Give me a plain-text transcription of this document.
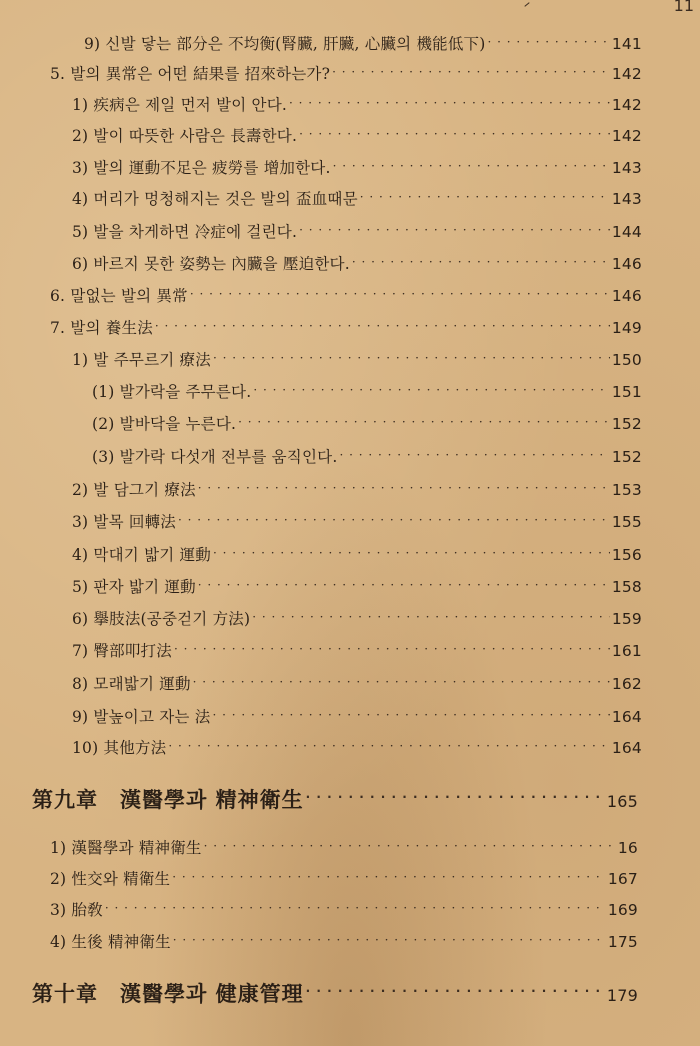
11
9) 신발 닿는 部分은 不均衡(腎臟, 肝臟, 心臟의 機能低下) · · ·	141
5. 발의 異常은 어떤 結果를 招來하는가? · · ·	142
1) 疾病은 제일 먼저 발이 안다. · · ·	142
2) 발이 따뜻한 사람은 長壽한다. · · ·	142
3) 발의 運動不足은 疲勞를 增加한다. · · ·	143
4) 머리가 멍청해지는 것은 발의 盃血때문 · · ·	143
5) 발을 차게하면 冷症에 걸린다. · · ·	144
6) 바르지 못한 姿勢는 內臟을 壓迫한다. · · ·	146
6. 말없는 발의 異常 · · ·	146
7. 발의 養生法 · · ·	149
1) 발 주무르기 療法 · · ·	150
(1) 발가락을 주무른다. · · ·	151
(2) 발바닥을 누른다. · · ·	152
(3) 발가락 다섯개 전부를 움직인다. · · ·	152
2) 발 담그기 療法 · · ·	153
3) 발목 回轉法 · · ·	155
4) 막대기 밟기 運動 · · ·	156
5) 판자 밟기 運動 · · ·	158
6) 擧肢法(공중걷기 方法) · · ·	159
7) 臀部叩打法 · · ·	161
8) 모래밟기 運動 · · ·	162
9) 발높이고 자는 法 · · ·	164
10) 其他方法 · · ·	164
第九章　漢醫學과 精神衛生 · · ·	165
1) 漢醫學과 精神衛生 · · ·	16
2) 性交와 精衛生 · · ·	167
3) 胎敎 · · ·	169
4) 生後 精神衛生 · · ·	175
第十章　漢醫學과 健康管理 · · ·	179
